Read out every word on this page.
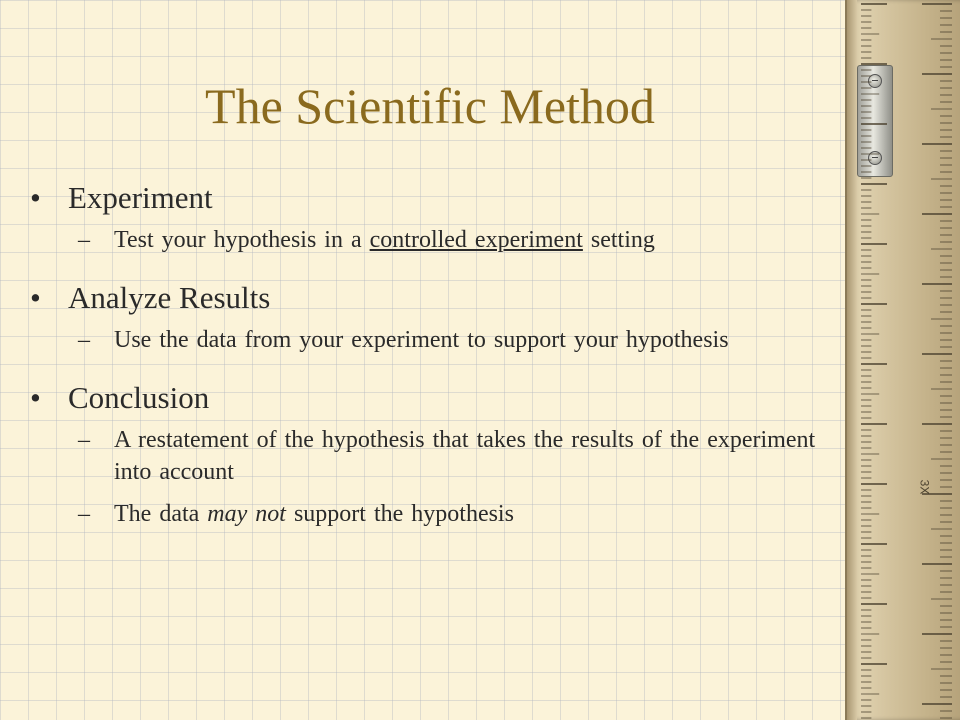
The Scientific Method
• Experiment
–	Test your hypothesis in a controlled experiment setting
• Analyze Results
–	Use the data from your experiment to support your hypothesis
• Conclusion
–	A restatement of the hypothesis that takes the results of the experiment into account
–	The data may not support the hypothesis
3X
